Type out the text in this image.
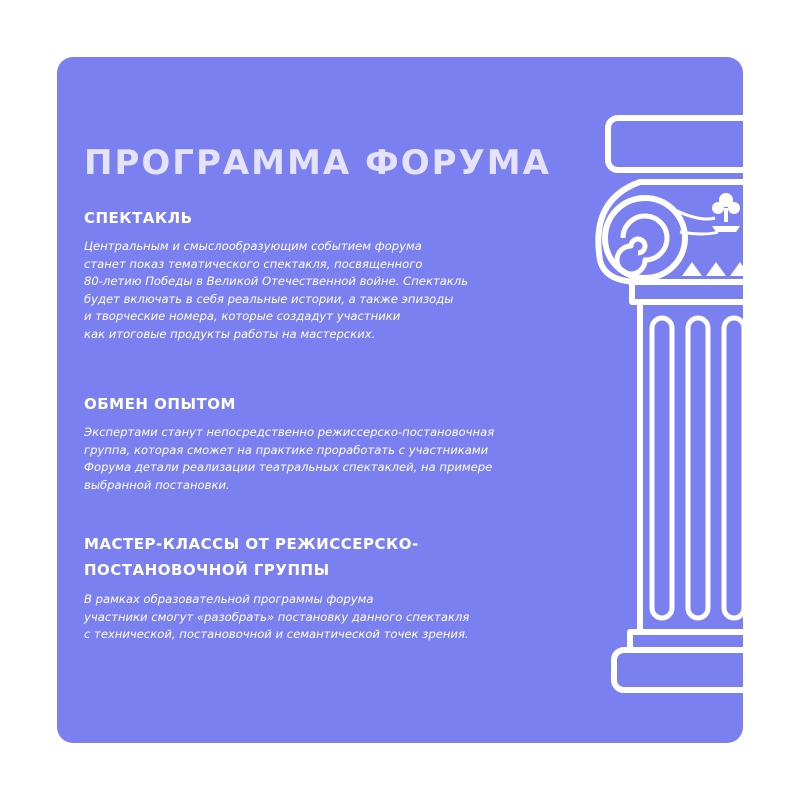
ПРОГРАММА ФОРУМА
СПЕКТАКЛЬ

Центральным и смыслообразующим событием форума
станет показ тематического спектакля, посвященного
80-летию Победы в Великой Отечественной войне. Спектакль
будет включать в себя реальные истории, а также эпизоды
и творческие номера, которые создадут участники
как итоговые продукты работы на мастерских.

ОБМЕН ОПЫТОМ

Экспертами станут непосредственно режиссерско-постановочная
группа, которая сможет на практике проработать с участниками
Форума детали реализации театральных спектаклей, на примере
выбранной постановки.

МАСТЕР-КЛАССЫ ОТ РЕЖИССЕРСКО-
ПОСТАНОВОЧНОЙ ГРУППЫ

В рамках образовательной программы форума
участники смогут «разобрать» постановку данного спектакля
с технической, постановочной и семантической точек зрения.
